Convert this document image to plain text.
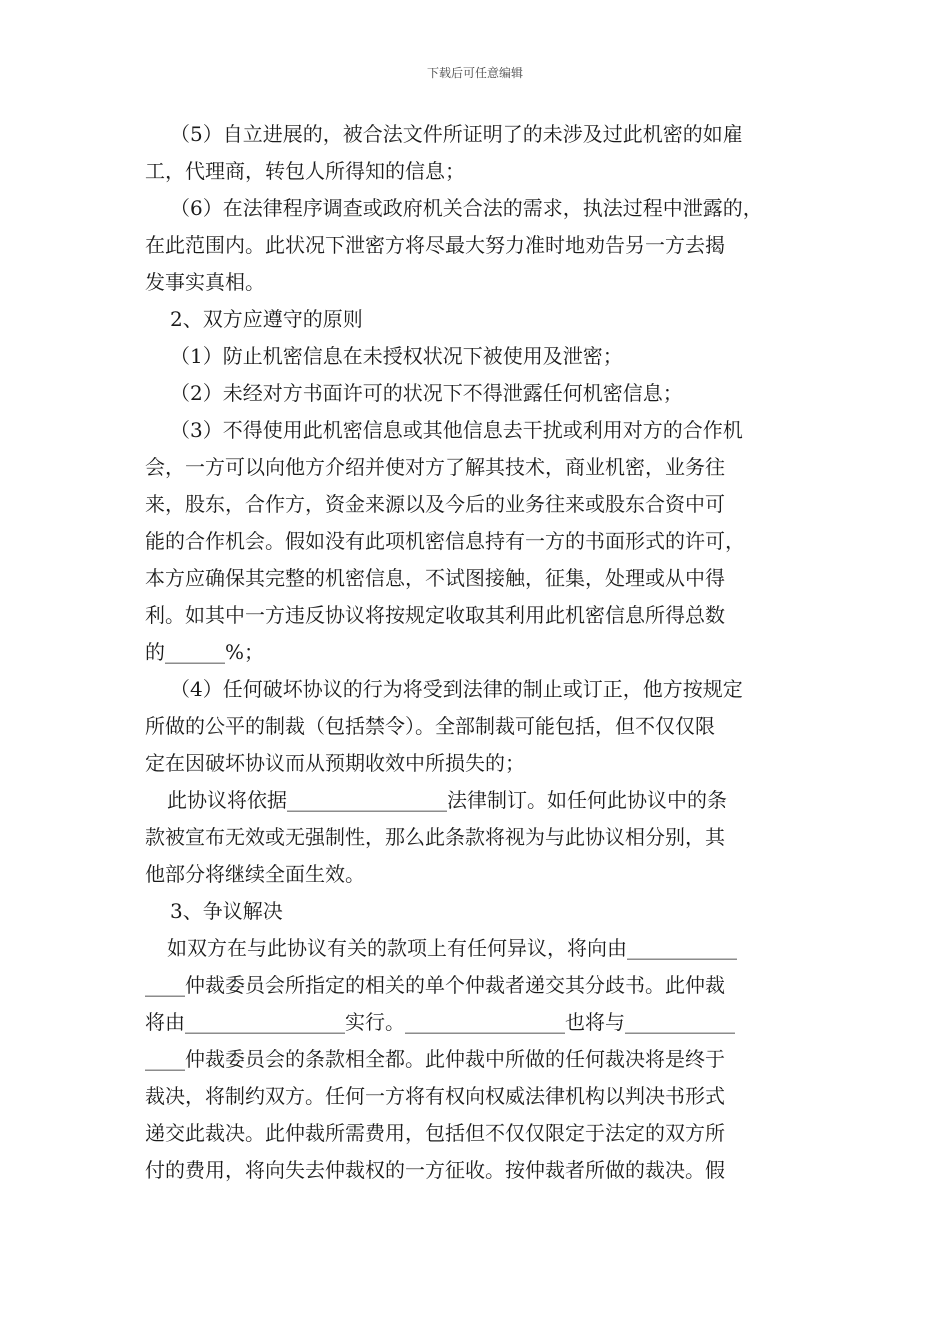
下载后可任意编辑
（5）自立进展的，被合法文件所证明了的未涉及过此机密的如雇
工，代理商，转包人所得知的信息；
（6）在法律程序调查或政府机关合法的需求，执法过程中泄露的，
在此范围内。此状况下泄密方将尽最大努力准时地劝告另一方去揭
发事实真相。
2、双方应遵守的原则
（1）防止机密信息在未授权状况下被使用及泄密；
（2）未经对方书面许可的状况下不得泄露任何机密信息；
（3）不得使用此机密信息或其他信息去干扰或利用对方的合作机
会，一方可以向他方介绍并使对方了解其技术，商业机密，业务往
来，股东，合作方，资金来源以及今后的业务往来或股东合资中可
能的合作机会。假如没有此项机密信息持有一方的书面形式的许可，
本方应确保其完整的机密信息，不试图接触，征集，处理或从中得
利。如其中一方违反协议将按规定收取其利用此机密信息所得总数
的______%；
（4）任何破坏协议的行为将受到法律的制止或订正，他方按规定
所做的公平的制裁（包括禁令）。全部制裁可能包括，但不仅仅限
定在因破坏协议而从预期收效中所损失的；
此协议将依据________________法律制订。如任何此协议中的条
款被宣布无效或无强制性，那么此条款将视为与此协议相分别，其
他部分将继续全面生效。
3、争议解决
如双方在与此协议有关的款项上有任何异议，将向由___________
____仲裁委员会所指定的相关的单个仲裁者递交其分歧书。此仲裁
将由________________实行。________________也将与___________
____仲裁委员会的条款相全都。此仲裁中所做的任何裁决将是终于
裁决，将制约双方。任何一方将有权向权威法律机构以判决书形式
递交此裁决。此仲裁所需费用，包括但不仅仅限定于法定的双方所
付的费用，将向失去仲裁权的一方征收。按仲裁者所做的裁决。假
